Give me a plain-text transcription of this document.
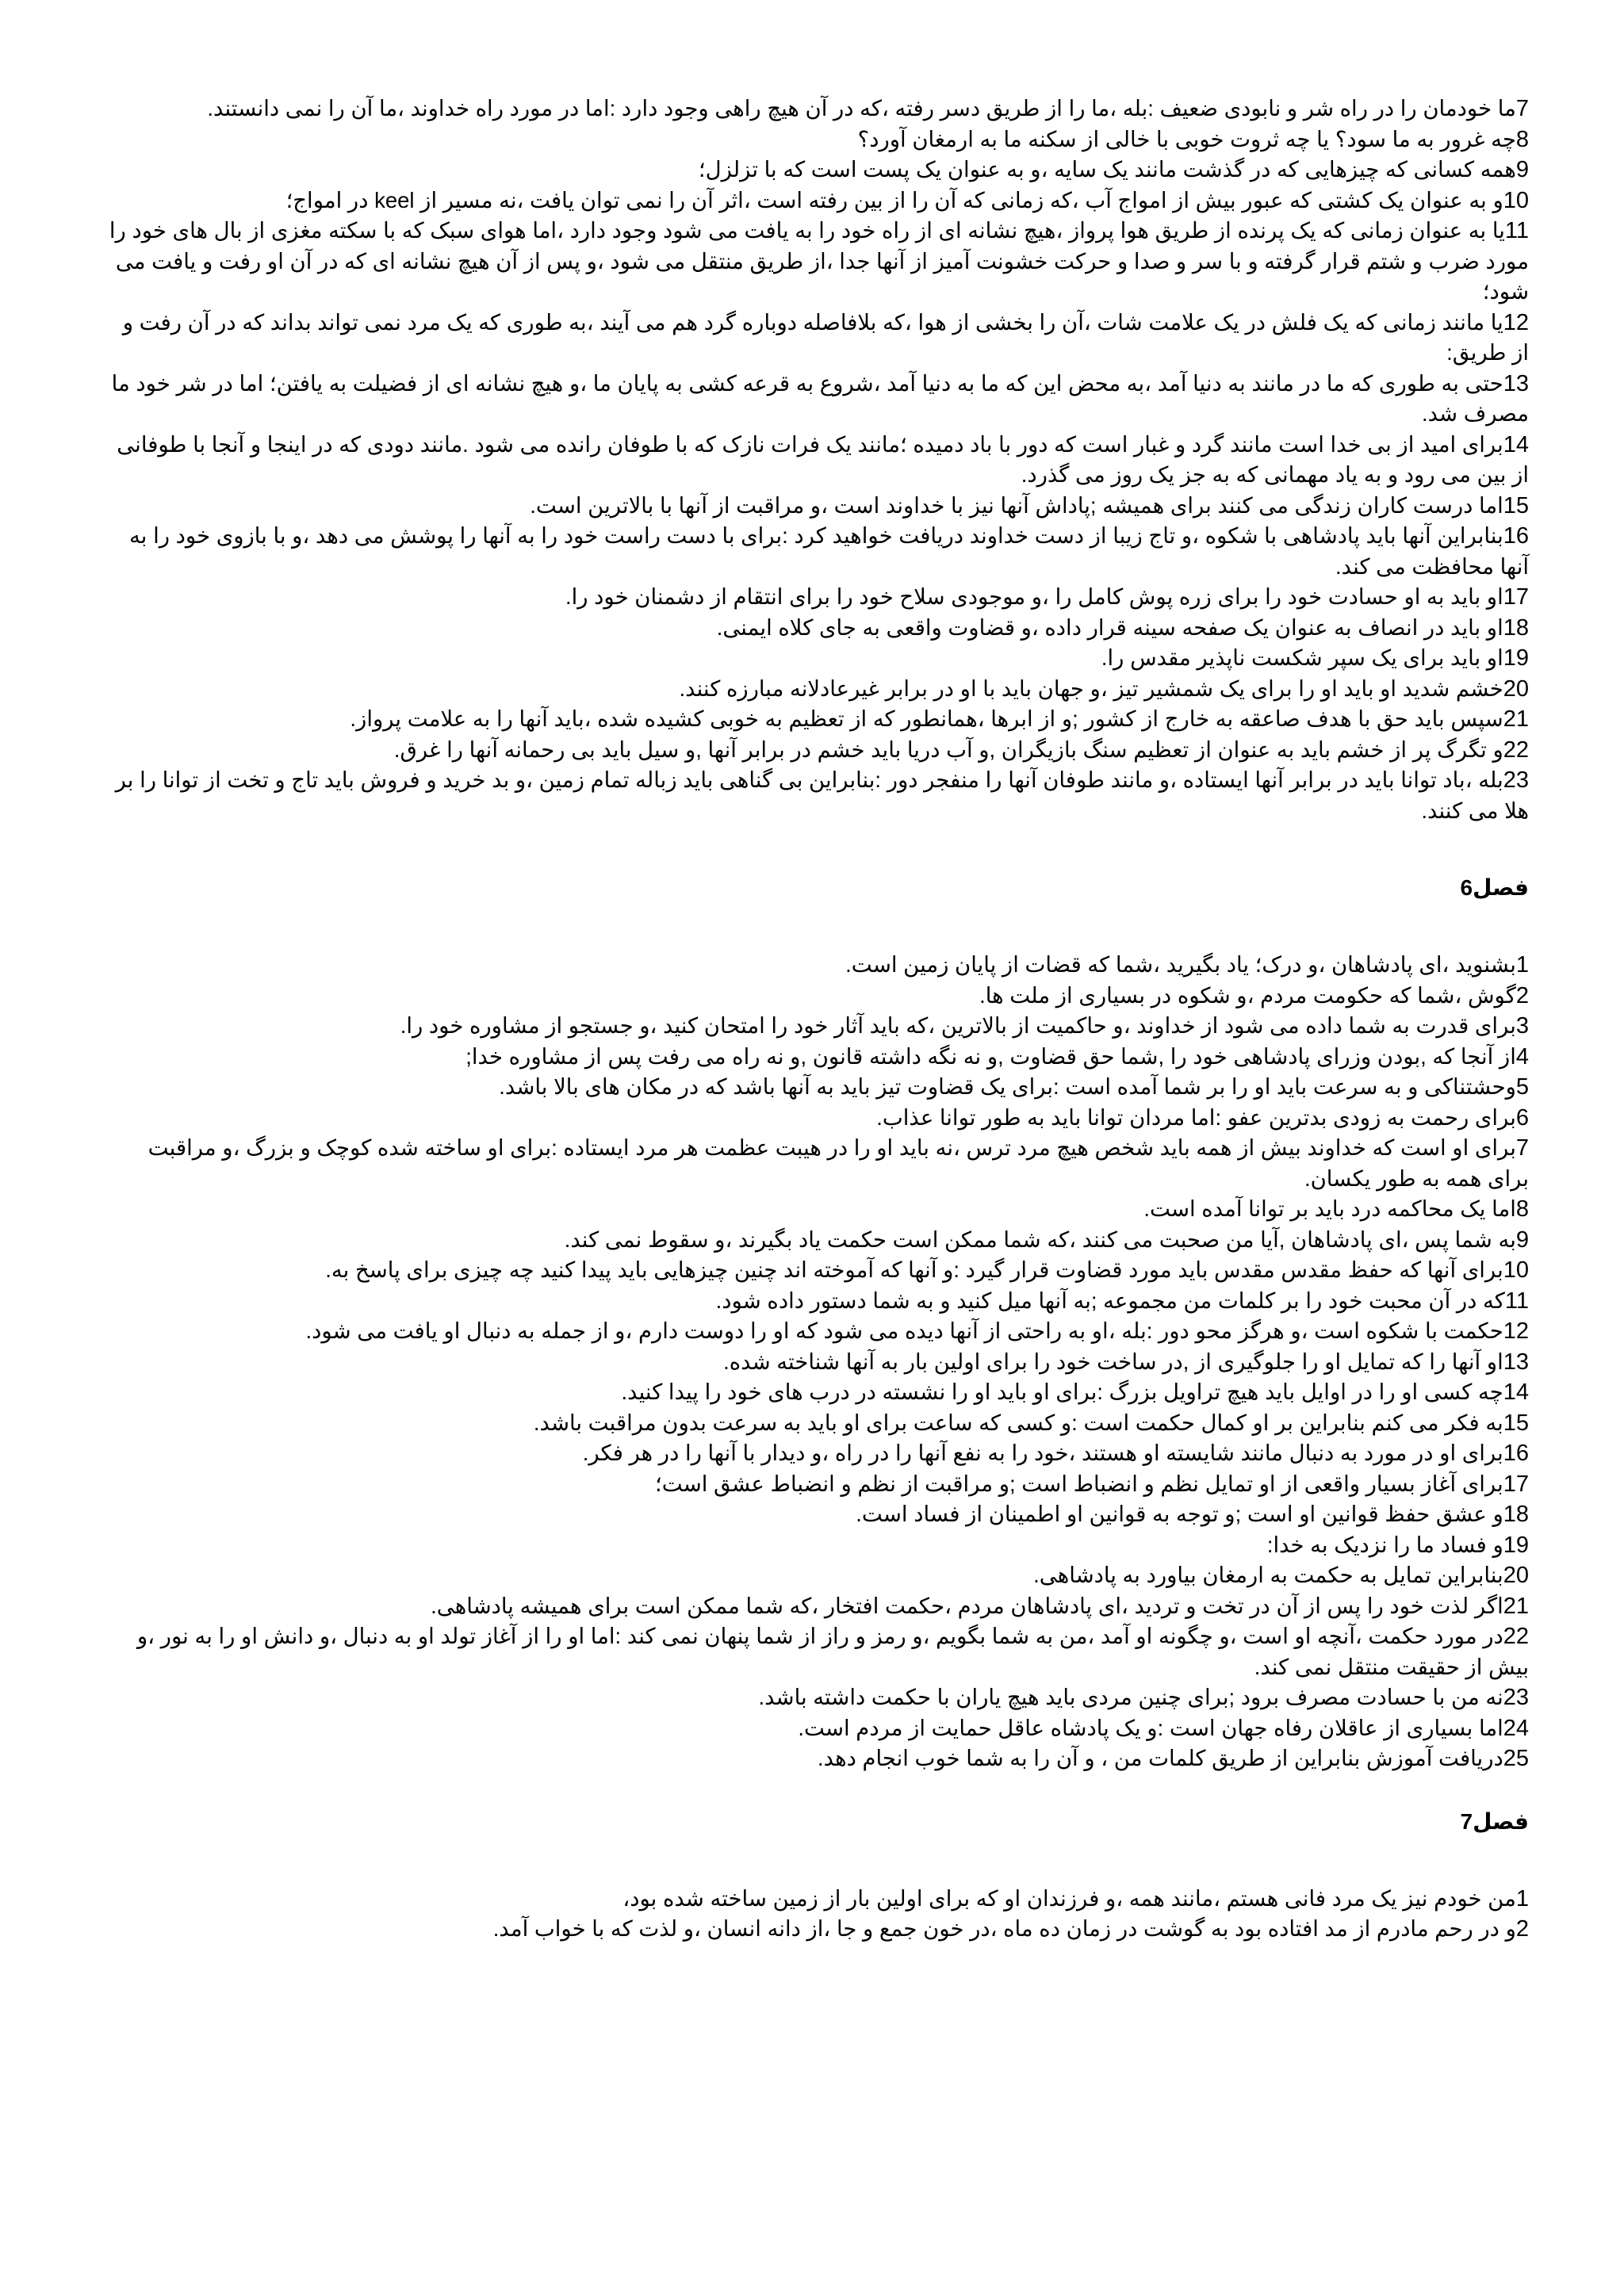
7ما خودمان را در راه شر و نابودی ضعیف :بله ،ما را از طریق دسر رفته ،که در آن هیچ راهی وجود دارد :اما در مورد راه خداوند ،ما آن را نمی دانستند.

8چه غرور به ما سود؟ یا چه ثروت خوبی با خالی از سکنه ما به ارمغان آورد؟

9همه کسانی که چیزهایی که در گذشت مانند یک سایه ،و به عنوان یک پست است که با تزلزل؛

10و به عنوان یک کشتی که عبور بیش از امواج آب ،که زمانی که آن را از بین رفته است ،اثر آن را نمی توان یافت ،نه مسیر از keel در امواج؛

11یا به عنوان زمانی که یک پرنده از طریق هوا پرواز ،هیچ نشانه ای از راه خود را به یافت می شود وجود دارد ،اما هوای سبک که با سکته مغزی از بال های خود را مورد ضرب و شتم قرار گرفته و با سر و صدا و حرکت خشونت آمیز از آنها جدا ،از طریق منتقل می شود ،و پس از آن هیچ نشانه ای که در آن او رفت و یافت می شود؛

12یا مانند زمانی که یک فلش در یک علامت شات ،آن را بخشی از هوا ،که بلافاصله دوباره گرد هم می آیند ،به طوری که یک مرد نمی تواند بداند که در آن رفت و از طریق:

13حتی به طوری که ما در مانند به دنیا آمد ،به محض این که ما به دنیا آمد ،شروع به قرعه کشی به پایان ما ،و هیچ نشانه ای از فضیلت به یافتن؛ اما در شر خود ما مصرف شد.

14برای امید از بی خدا است مانند گرد و غبار است که دور با باد دمیده ؛مانند یک فرات نازک که با طوفان رانده می شود .مانند دودی که در اینجا و آنجا با طوفانی از بین می رود و به یاد مهمانی که به جز یک روز می گذرد.

15اما درست کاران زندگی می کنند برای همیشه ;پاداش آنها نیز با خداوند است ،و مراقبت از آنها با بالاترین است.

16بنابراین آنها باید پادشاهی با شکوه ،و تاج زیبا از دست خداوند دریافت خواهید کرد :برای با دست راست خود را به آنها را پوشش می دهد ،و با بازوی خود را به آنها محافظت می کند.

17او باید به او حسادت خود را برای زره پوش کامل را ،و موجودی سلاح خود را برای انتقام از دشمنان خود را.

18او باید در انصاف به عنوان یک صفحه سینه قرار داده ،و قضاوت واقعی به جای کلاه ایمنی.

19او باید برای یک سپر شکست ناپذیر مقدس را.

20خشم شدید او باید او را برای یک شمشیر تیز ،و جهان باید با او در برابر غیرعادلانه مبارزه کنند.

21سپس باید حق با هدف صاعقه به خارج از کشور ;و از ابرها ،همانطور که از تعظیم به خوبی کشیده شده ،باید آنها را به علامت پرواز.

22و تگرگ پر از خشم باید به عنوان از تعظیم سنگ بازیگران ,و آب دریا باید خشم در برابر آنها ,و سیل باید بی رحمانه آنها را غرق.

23بله ،باد توانا باید در برابر آنها ایستاده ،و مانند طوفان آنها را منفجر دور :بنابراین بی گناهی باید زباله تمام زمین ،و بد خرید و فروش باید تاج و تخت از توانا را بر هلا می کنند.

فصل6

1بشنوید ،ای پادشاهان ،و درک؛ یاد بگیرید ،شما که قضات از پایان زمین است.

2گوش ،شما که حکومت مردم ،و شکوه در بسیاری از ملت ها.

3برای قدرت به شما داده می شود از خداوند ،و حاکمیت از بالاترین ،که باید آثار خود را امتحان کنید ،و جستجو از مشاوره خود را.

4از آنجا که ,بودن وزرای پادشاهی خود را ,شما حق قضاوت ,و نه نگه داشته قانون ,و نه راه می رفت پس از مشاوره خدا;

5وحشتناکی و به سرعت باید او را بر شما آمده است :برای یک قضاوت تیز باید به آنها باشد که در مکان های بالا باشد.

6برای رحمت به زودی بدترین عفو :اما مردان توانا باید به طور توانا عذاب.

7برای او است که خداوند بیش از همه باید شخص هیچ مرد ترس ،نه باید او را در هیبت عظمت هر مرد ایستاده :برای او ساخته شده کوچک و بزرگ ،و مراقبت برای همه به طور یکسان.

8اما یک محاکمه درد باید بر توانا آمده است.

9به شما پس ،ای پادشاهان ,آیا من صحبت می کنند ،که شما ممکن است حکمت یاد بگیرند ،و سقوط نمی کند.

10برای آنها که حفظ مقدس مقدس باید مورد قضاوت قرار گیرد :و آنها که آموخته اند چنین چیزهایی باید پیدا کنید چه چیزی برای پاسخ به.

11که در آن محبت خود را بر کلمات من مجموعه ;به آنها میل کنید و به شما دستور داده شود.

12حکمت با شکوه است ،و هرگز محو دور :بله ،او به راحتی از آنها دیده می شود که او را دوست دارم ،و از جمله به دنبال او یافت می شود.

13او آنها را که تمایل او را جلوگیری از ,در ساخت خود را برای اولین بار به آنها شناخته شده.

14چه کسی او را در اوایل باید هیچ تراویل بزرگ :برای او باید او را نشسته در درب های خود را پیدا کنید.

15به فکر می کنم بنابراین بر او کمال حکمت است :و کسی که ساعت برای او باید به سرعت بدون مراقبت باشد.

16برای او در مورد به دنبال مانند شایسته او هستند ،خود را به نفع آنها را در راه ،و دیدار با آنها را در هر فکر.

17برای آغاز بسیار واقعی از او تمایل نظم و انضباط است ;و مراقبت از نظم و انضباط عشق است؛

18و عشق حفظ قوانین او است ;و توجه به قوانین او اطمینان از فساد است.

19و فساد ما را نزدیک به خدا:

20بنابراین تمایل به حکمت به ارمغان بیاورد به پادشاهی.

21اگر لذت خود را پس از آن در تخت و تردید ،ای پادشاهان مردم ،حکمت افتخار ،که شما ممکن است برای همیشه پادشاهی.

22در مورد حکمت ،آنچه او است ،و چگونه او آمد ،من به شما بگویم ،و رمز و راز از شما پنهان نمی کند :اما او را از آغاز تولد او به دنبال ،و دانش او را به نور ،و بیش از حقیقت منتقل نمی کند.

23نه من با حسادت مصرف برود ;برای چنین مردی باید هیچ یاران با حکمت داشته باشد.

24اما بسیاری از عاقلان رفاه جهان است :و یک پادشاه عاقل حمایت از مردم است.

25دریافت آموزش بنابراین از طریق کلمات من ، و آن را به شما خوب انجام دهد.

فصل7

1من خودم نیز یک مرد فانی هستم ،مانند همه ،و فرزندان او که برای اولین بار از زمین ساخته شده بود،

2و در رحم مادرم از مد افتاده بود به گوشت در زمان ده ماه ،در خون جمع و جا ،از دانه انسان ،و لذت که با خواب آمد.
